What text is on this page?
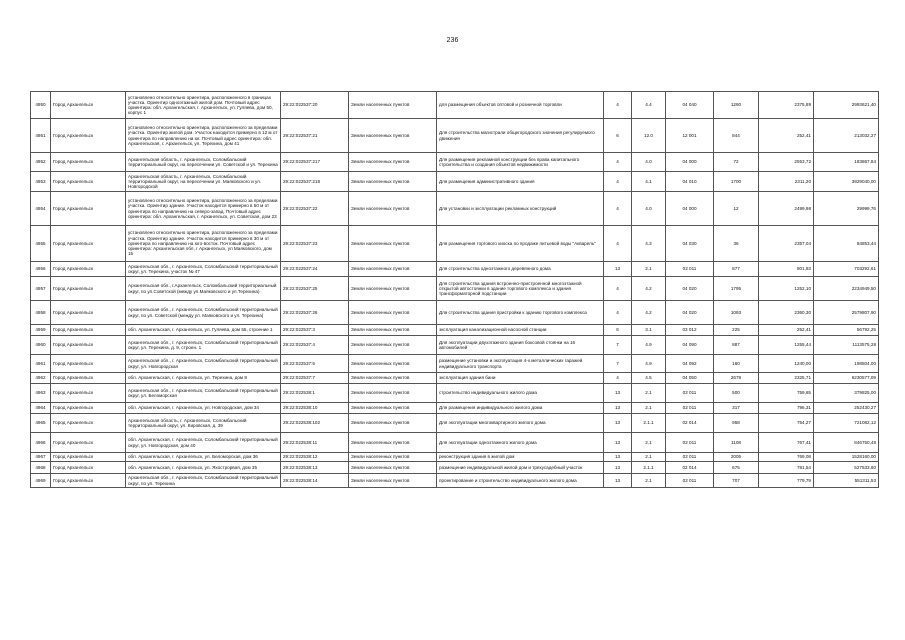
236
4950	Город Архангельск	установлено относительно ориентира, расположенного в границах участка. Ориентир одноэтажный жилой дом. Почтовый адрес ориентира: обл. Архангельская, г. Архангельск, ул. Гуляева, дом 50, корпус 1	29:22:022537:20	Земли населенных пунктов	для размещения объектов оптовой и розничной торговли	4	4.4	04 040	1260	2375,89	2993621,40
4951	Город Архангельск	установлено относительно ориентира, расположенного за пределами участка. Ориентир жилой дом. Участок находится примерно в 12 м от ориентира по направлению на юг. Почтовый адрес ориентира: обл. Архангельская, г. Архангельск, ул. Терехина, дом 41	29:22:022537:21	Земли населенных пунктов	Для строительства магистрали общегородского значения регулируемого движения	6	12.0	12 001	844	252,41	213032,27
4952	Город Архангельск	Архангельская область, г. Архангельск, Соломбальский территориальный округ, на пересечении ул. Советской и ул. Терехина	29:22:022537:217	Земли населенных пунктов	Для размещения рекламной конструкции без права капитального строительства и создания объектов недвижимости	4	4.0	04 000	72	2553,72	183867,84
4953	Город Архангельск	Архангельская область, г. Архангельск, Соломбальский территориальный округ, на пересечении ул. Маяковского и ул. Новгородской	29:22:022537:218	Земли населенных пунктов	Для размещения административного здания	4	4.1	04 010	1700	2311,20	3929040,00
4954	Город Архангельск	установлено относительно ориентира, расположенного за пределами участка. Ориентир здание. Участок находится примерно в 50 м от ориентира по направлению на северо-запад. Почтовый адрес ориентира: обл. Архангельская, г. Архангельск, ул. Советская, дом 23	29:22:022537:22	Земли населенных пунктов	Для установки и эксплуатации рекламных конструкций	4	4.0	04 000	12	2499,98	29999,76
4955	Город Архангельск	установлено относительно ориентира, расположенного за пределами участка. Ориентир здание. Участок находится примерно в 30 м от ориентира по направлению на юго-восток. Почтовый адрес ориентира: Архангельская обл, г Архангельск, ул Маяковского, дом 15	29:22:022537:23	Земли населенных пунктов	Для размещения торгового киоска по продаже питьевой воды "Акварель"	4	4.3	04 030	36	2357,04	84853,44
4956	Город Архангельск	Архангельская обл., г. Архангельск, Соломбальский территориальный округ, ул. Терехина, участок № 47	29:22:022537:24	Земли населенных пунктов	Для строительства одноэтажного деревянного дома	13	2.1	02 011	877	801,93	703292,61
4957	Город Архангельск	Архангельская обл., г.Архангельск, Соломбальский территориальный округ, по ул.Советской (между ул.Маяковского и ул.Терехина)	29:22:022537:25	Земли населенных пунктов	Для строительства здания встроенно-пристроенной многоэтажной открытой автостоянки в здание торгового комплекса и здания трансформаторной подстанции	4	4.2	04 020	1795	1252,10	2234949,50
4958	Город Архангельск	Архангельская обл., г. Архангельск, Соломбальский территориальный округ, по ул. Советской (между ул. Маяковского и ул. Терехина)	29:22:022537:26	Земли населенных пунктов	Для строительства здания пристройки к зданию торгового комплекса	4	4.2	04 020	1093	2360,30	2579807,90
4959	Город Архангельск	обл. Архангельская, г. Архангельск, ул. Гуляева, дом 55, строение 1	29:22:022537:3	Земли населенных пунктов	эксплуатация канализационной насосной станции	6	3.1	03 012	225	252,41	56792,25
4960	Город Архангельск	Архангельская обл., г. Архангельск, Соломбальский территориальный округ, ул. Терехина, д. 9, строен. 1	29:22:022537:4	Земли населенных пунктов	Для эксплуатации двухэтажного здания боксовой стоянки на 16 автомобилей	7	4.9	04 090	887	1255,44	1113575,28
4961	Город Архангельск	Архангельская обл., г. Архангельск, Соломбальский территориальный округ, ул. Новгородская	29:22:022537:5	Земли населенных пунктов	размещение установки и эксплуатация 4-х металлических гаражей индивидуального транспорта	7	4.9	04 092	160	1240,00	198504,00
4962	Город Архангельск	обл. Архангельская, г. Архангельск, ул. Терехина, дом 8	29:22:022537:7	Земли населенных пунктов	эксплуатация здания бани	4	4.5	04 050	2679	2325,71	6230577,09
4963	Город Архангельск	Архангельская обл., г. Архангельск, Соломбальский территориальный округ, ул. Беломорская	29:22:022538:1	Земли населенных пунктов	строительство индивидуального жилого дома	13	2.1	02 011	500	759,65	379825,00
4964	Город Архангельск	обл. Архангельская, г. Архангельск, ул. Новгородская, дом 34	29:22:022538:10	Земли населенных пунктов	Для размещения индивидуального жилого дома	13	2.1	02 011	317	796,31	252430,27
4965	Город Архангельск	Архангельская область, г. Архангельск, Соломбальский территориальный округ, ул. Кировская, д. 39	29:22:022538:102	Земли населенных пунктов	Для эксплуатации многоквартирного жилого дома	13	2.1.1	02 014	958	754,27	721082,12
4966	Город Архангельск	обл. Архангельская, г. Архангельск, Соломбальский территориальный округ, ул. Новгородская, дом 40	29:22:022538:11	Земли населенных пунктов	Для эксплуатации одноэтажного жилого дома	13	2.1	02 011	1108	767,41	846750,48
4967	Город Архангельск	обл. Архангельская, г. Архангельск, ул. Беломорская, дом 36	29:22:022538:12	Земли населенных пунктов	реконструкция здания в жилой дом	13	2.1	02 011	2005	769,08	1528160,00
4968	Город Архангельск	обл. Архангельская, г. Архангельск, ул. Яхострорвая, дом 35	29:22:022538:13	Земли населенных пунктов	размещение индивидуальной жилой дом и трехусадебный участок	13	2.1.1	02 014	675	781,54	527533,60
4969	Город Архангельск	Архангельская обл., г. Архангельск, Соломбальский территориальный округ, по ул. Терехина	29:22:022538:14	Земли населенных пунктов	проектирование и строительство индивидуального жилого дома	13	2.1	02 011	707	779,79	551311,53
